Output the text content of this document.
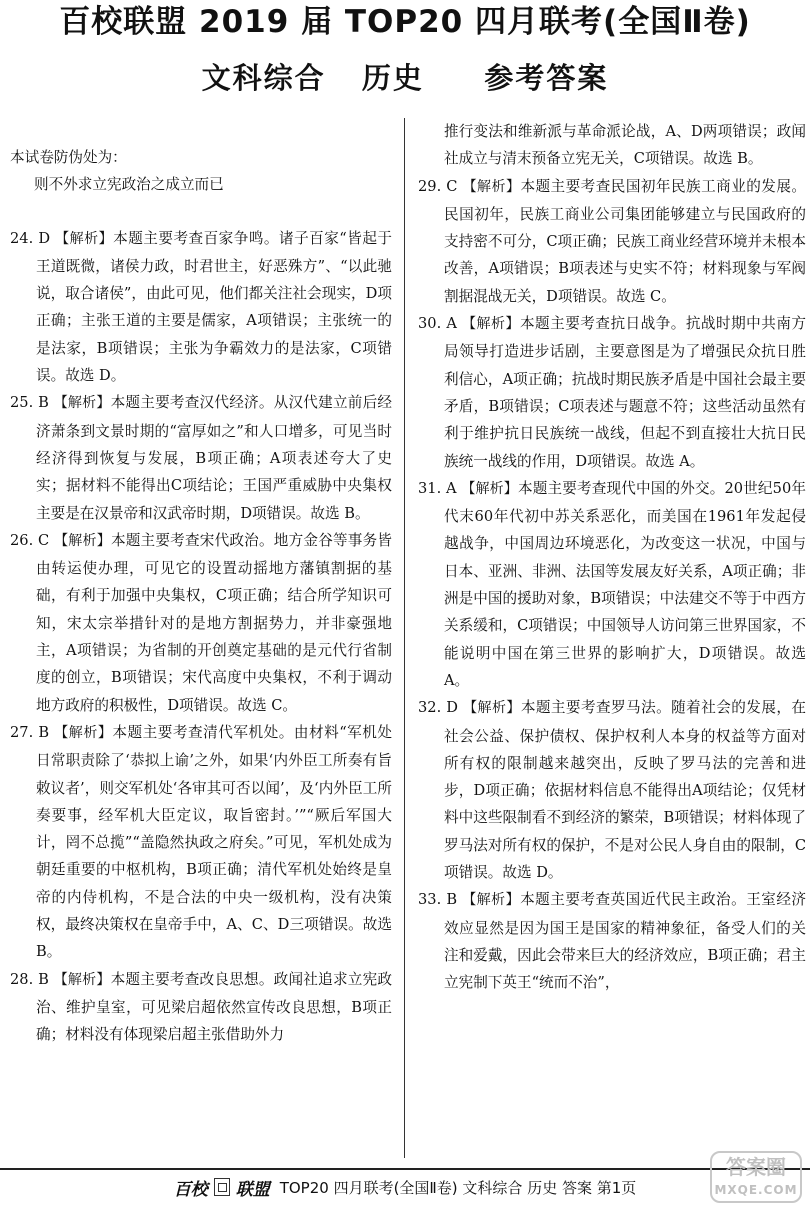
百校联盟 2019 届 TOP20 四月联考(全国Ⅱ卷)
文科综合   历史     参考答案
本试卷防伪处为：
则不外求立宪政治之成立而已
24. D 【解析】本题主要考查百家争鸣。诸子百家“皆起于王道既微，诸侯力政，时君世主，好恶殊方”、“以此驰说，取合诸侯”，由此可见，他们都关注社会现实，D项正确；主张王道的主要是儒家，A项错误；主张统一的是法家，B项错误；主张为争霸效力的是法家，C项错误。故选 D。
25. B 【解析】本题主要考查汉代经济。从汉代建立前后经济萧条到文景时期的“富厚如之”和人口增多，可见当时经济得到恢复与发展，B项正确；A项表述夸大了史实；据材料不能得出C项结论；王国严重威胁中央集权主要是在汉景帝和汉武帝时期，D项错误。故选 B。
26. C 【解析】本题主要考查宋代政治。地方金谷等事务皆由转运使办理，可见它的设置动摇地方藩镇割据的基础，有利于加强中央集权，C项正确；结合所学知识可知，宋太宗举措针对的是地方割据势力，并非豪强地主，A项错误；为省制的开创奠定基础的是元代行省制度的创立，B项错误；宋代高度中央集权，不利于调动地方政府的积极性，D项错误。故选 C。
27. B 【解析】本题主要考查清代军机处。由材料“军机处日常职责除了‘恭拟上谕’之外，如果‘内外臣工所奏有旨敕议者’，则交军机处‘各审其可否以闻’，及‘内外臣工所奏要事，经军机大臣定议，取旨密封。’”“厥后军国大计，罔不总揽”“盖隐然执政之府矣。”可见，军机处成为朝廷重要的中枢机构，B项正确；清代军机处始终是皇帝的内侍机构，不是合法的中央一级机构，没有决策权，最终决策权在皇帝手中，A、C、D三项错误。故选 B。
28. B 【解析】本题主要考查改良思想。政闻社追求立宪政治、维护皇室，可见梁启超依然宣传改良思想，B项正确；材料没有体现梁启超主张借助外力
推行变法和维新派与革命派论战，A、D两项错误；政闻社成立与清末预备立宪无关，C项错误。故选 B。
29. C 【解析】本题主要考查民国初年民族工商业的发展。民国初年，民族工商业公司集团能够建立与民国政府的支持密不可分，C项正确；民族工商业经营环境并未根本改善，A项错误；B项表述与史实不符；材料现象与军阀割据混战无关，D项错误。故选 C。
30. A 【解析】本题主要考查抗日战争。抗战时期中共南方局领导打造进步话剧，主要意图是为了增强民众抗日胜利信心，A项正确；抗战时期民族矛盾是中国社会最主要矛盾，B项错误；C项表述与题意不符；这些活动虽然有利于维护抗日民族统一战线，但起不到直接壮大抗日民族统一战线的作用，D项错误。故选 A。
31. A 【解析】本题主要考查现代中国的外交。20世纪50年代末60年代初中苏关系恶化，而美国在1961年发起侵越战争，中国周边环境恶化，为改变这一状况，中国与日本、亚洲、非洲、法国等发展友好关系，A项正确；非洲是中国的援助对象，B项错误；中法建交不等于中西方关系缓和，C项错误；中国领导人访问第三世界国家，不能说明中国在第三世界的影响扩大，D项错误。故选 A。
32. D 【解析】本题主要考查罗马法。随着社会的发展，在社会公益、保护债权、保护权利人本身的权益等方面对所有权的限制越来越突出，反映了罗马法的完善和进步，D项正确；依据材料信息不能得出A项结论；仅凭材料中这些限制看不到经济的繁荣，B项错误；材料体现了罗马法对所有权的保护，不是对公民人身自由的限制，C项错误。故选 D。
33. B 【解析】本题主要考查英国近代民主政治。王室经济效应显然是因为国王是国家的精神象征，备受人们的关注和爱戴，因此会带来巨大的经济效应，B项正确；君主立宪制下英王“统而不治”，
百校 联盟 TOP20 四月联考(全国Ⅱ卷) 文科综合 历史 答案 第1页
答案圈
MXQE.COM
